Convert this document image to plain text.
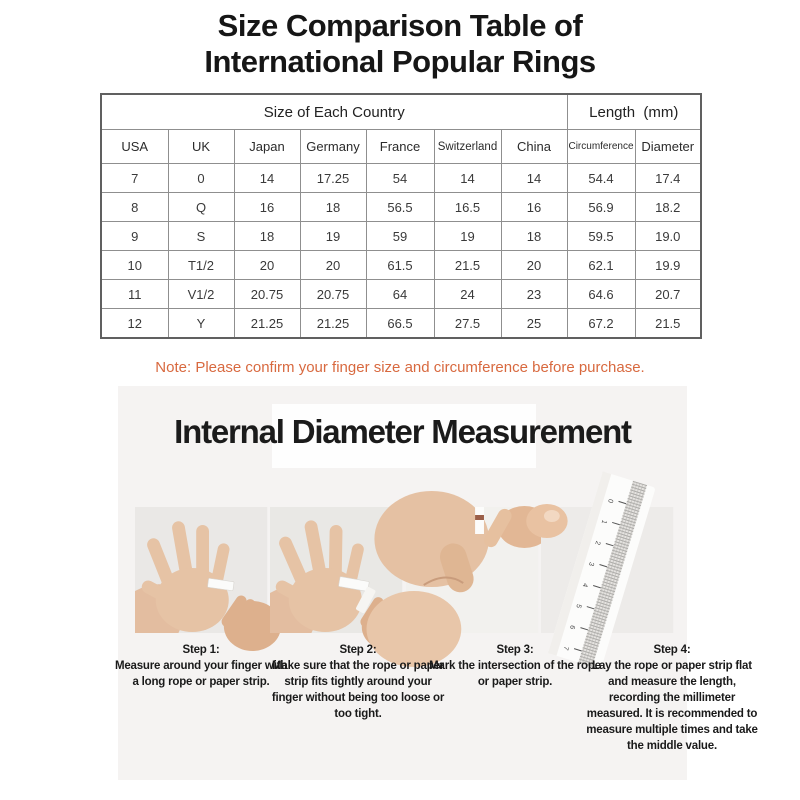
Size Comparison Table of
International Popular Rings
Size of Each Country							Length  (mm)	
USA	UK	Japan	Germany	France	Switzerland	China	Circumference	Diameter
7	0	14	17.25	54	14	14	54.4	17.4
8	Q	16	18	56.5	16.5	16	56.9	18.2
9	S	18	19	59	19	18	59.5	19.0
10	T1/2	20	20	61.5	21.5	20	62.1	19.9
11	V1/2	20.75	20.75	64	24	23	64.6	20.7
12	Y	21.25	21.25	66.5	27.5	25	67.2	21.5
Note: Please confirm your finger size and circumference before purchase.
Internal Diameter Measurement
0
1
2
3
4
5
6
7
Step 1:
Measure around your finger with a long rope or paper strip.
Step 2:
Make sure that the rope or paper strip fits tightly around your finger without being too loose or too tight.
Step 3:
Mark the intersection of the rope or paper strip.
Step 4:
Lay the rope or paper strip flat and measure the length, recording the millimeter measured. It is recommended to measure multiple times and take the middle value.
